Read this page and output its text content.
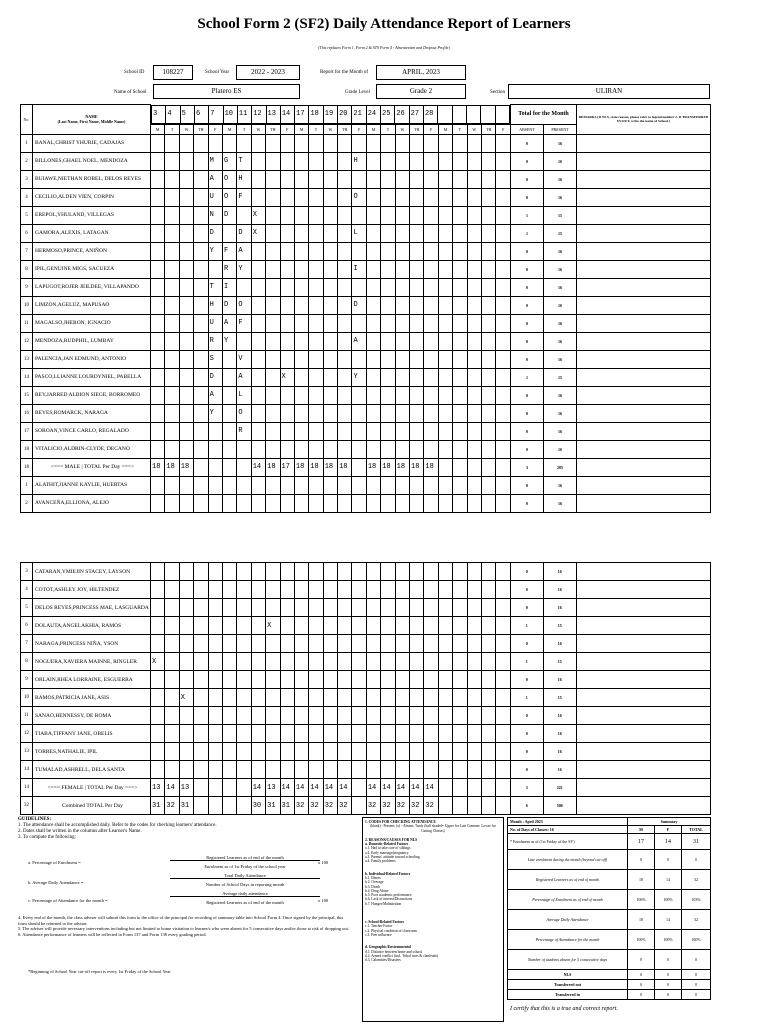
School Form 2 (SF2) Daily Attendance Report of Learners
(This replaces Form 1, Form 2 & STS Form 4 - Absenteeism and Dropout Profile)
School ID	108227	School Year	2022 - 2023	Report for the Month of	APRIL, 2023
Name of School	Platero ES	Grade Level	Grade 2	Section	ULIRAN
No.	NAME
(Last Name, First Name, Middle Name)	
3	4	5	6	7	10	11	12	13	14	17	18	19	20	21	24	25	26	27	28					
		Total for the Month	REMARKS (If NLS, state reason, please refer to legend number 2. If TRANSFERRED IN/OUT, write the name of School.)
M	T	W	TH	F	M	T	W	TH	F	M	T	W	TH	F	M	T	W	TH	F	M	T	W	TH	F	ABSENT	PRESENT
1	BANAL,CHRIST YHURIE, CADAJAS																										0	16	
2	BILLONES,GHAEL NOEL, MENDOZA					M	G	T								H											0	16	
3	BUIAWE,NIETHAN ROBEL, DELOS REYES					A	O	H																			0	16	
4	CECILIO,ALDEN VIEN, CORPIN					U	O	F								O											0	16	
5	EREPOL,YHULAND, VILLEGAS					N	D		X																		1	15	
6	GAMORA,ALEXIS, LATAGAN					D		D	X							L											1	15	
7	HERMOSO,PRINCE, ANIÑON					Y	F	A																			0	16	
8	IPIL,GENUINE MIGS, SACUEZA						R	Y								I											0	16	
9	LAPUGOT,ROJER JEILDEE, VILLAPANDO					T	I																				0	16	
10	LIMZON,AGELUZ, MAPUSAO					H	D	O								D											0	16	
11	MAGALSO,JHERON, IGNACIO					U	A	F																			0	16	
12	MENDOZA,RUDPHIL, LUMBAY					R	Y									A											0	16	
13	PALENCIA,JAN EDMUND, ANTONIO					S		V																			0	16	
14	PASCO,LLIANNE LOURDYNIEL, PABELLA					D		A			X					Y											1	15	
15	REY,JARRED ALBION SIEGE, BORROMEO					A		L																			0	16	
16	REYES,ROMARCK, NARAGA					Y		O																			0	16	
17	SOROAN,VINCE CARLO, REGALADO							R																			0	16	
18	VITALICIO,ALDRIN-CLYDE, DECANO																										0	16	
18	<=== MALE | TOTAL Per Day ===>	18	18	18					14	18	17	18	18	18	18		18	18	18	18	18						3	285	
1	ALATHIT,JIANNE KAYLIE, HUERTAS																										0	16	
2	AVANCEÑA,ELLIONA, ALEJO																										0	16	
3	CATARAN,YMIEJIN STACEY, LAYSON																										0	16	
4	COTOT,ASHLEY JOY, HILTENDEZ																										0	16	
5	DELOS REYES,PRINCESS MAE, LASGUARDA																										0	16	
6	DOLAUTA,ANGELAKHIA, RAMOS									X																	1	15	
7	NARAGA,PRINCESS NIÑA, YSON																										0	16	
8	NOGUERA,XAVIERA MAINNE, RINGLER	X																									1	15	
9	ORLAIN,RHEA LORRAINE, ESGUERRA																										0	16	
10	RAMOS,PATRICIA JANE, ASIS			X																							1	15	
11	SANAO,HENNESSY, DE ROMA																										0	16	
12	TIABA,TIFFANY JANE, OBELIS																										0	16	
13	TORRES,NATHALIE, IPIL																										0	16	
14	TUMALAD,ASHRELL, DELA SANTA																										0	16	
14	<=== FEMALE | TOTAL Per Day ===>	13	14	13					14	13	14	14	14	14	14		14	14	14	14	14						3	221	
32	Combined TOTAL Per Day	31	32	31					30	31	31	32	32	32	32		32	32	32	32	32						6	506	
GUIDELINES:
1. The attendance shall be accomplished daily. Refer to the codes for checking learners' attendance.
2. Dates shall be written in the columns after Learner's Name.
3. To compute the following:
a. Percentage of Enrolment =
Registered Learners as of end of the month
Enrolment as of 1st Friday of the school year
x 100
b. Average Daily Attendance =
Total Daily Attendance
Number of School Days in reporting month
c. Percentage of Attendance for the month =
Average daily attendance
Registered Learners as of end of the month	x 100
4. Every end of the month, the class adviser will submit this form to the office of the principal for recording of summary table into School Form 4. Once signed by the principal, this form should be returned to the adviser.
5. The adviser will provide necessary interventions including but not limited to home visitation to learner/s who were absent for 5 consecutive days and/or those at risk of dropping out.
6. Attendance performance of learners will be reflected in Form 137 and Form 138 every grading period.
*Beginning of School Year cut-off report is every 1st Friday of the School Year
1. CODES FOR CHECKING ATTENDANCE
(blank) - Present; (x) - Absent; Tardy (half shaded= Upper for Late Commer, Lower for Cutting Classes)
2. REASONS/CAUSES FOR NLS
a. Domestic-Related Factors
a.1. Had to take care of siblings
a.2. Early marriage/pregnancy
a.3. Parents' attitude toward schooling
a.4. Family problems
b. Individual-Related Factors
b.1. Illness
b.2. Overage
b.3. Death
b.4. Drug Abuse
b.5. Poor academic performance
b.6. Lack of interest/Distractions
b.7. Hunger/Malnutrition
c. School-Related Factors
c.1. Teacher Factor
c.2. Physical condition of classroom
c.3. Peer influence
d. Geographic/Environmental
d.1. Distance between home and school
d.2. Armed conflict (incl. Tribal wars & clanfeuds)
d.3. Calamities/Disasters
Month : April 2023	Summary		
No. of Days of Classes: 16	M	F	TOTAL
* Enrolment as of (1st Friday of the SY)	17	14	31
Late enrolment during the month (beyond cut-off)	0	0	0
Registered Learners as of end of month	18	14	32
Percentage of Enrolment as of end of month	106%	100%	103%
Average Daily Attendance	18	14	32
Percentage of Attendance for the month	100%	100%	100%
Number of students absent for 5 consecutive days	0	0	0
NLS	0	0	0
Transferred out	0	0	0
Transferred in	0	0	0
I certify that this is a true and correct report.
